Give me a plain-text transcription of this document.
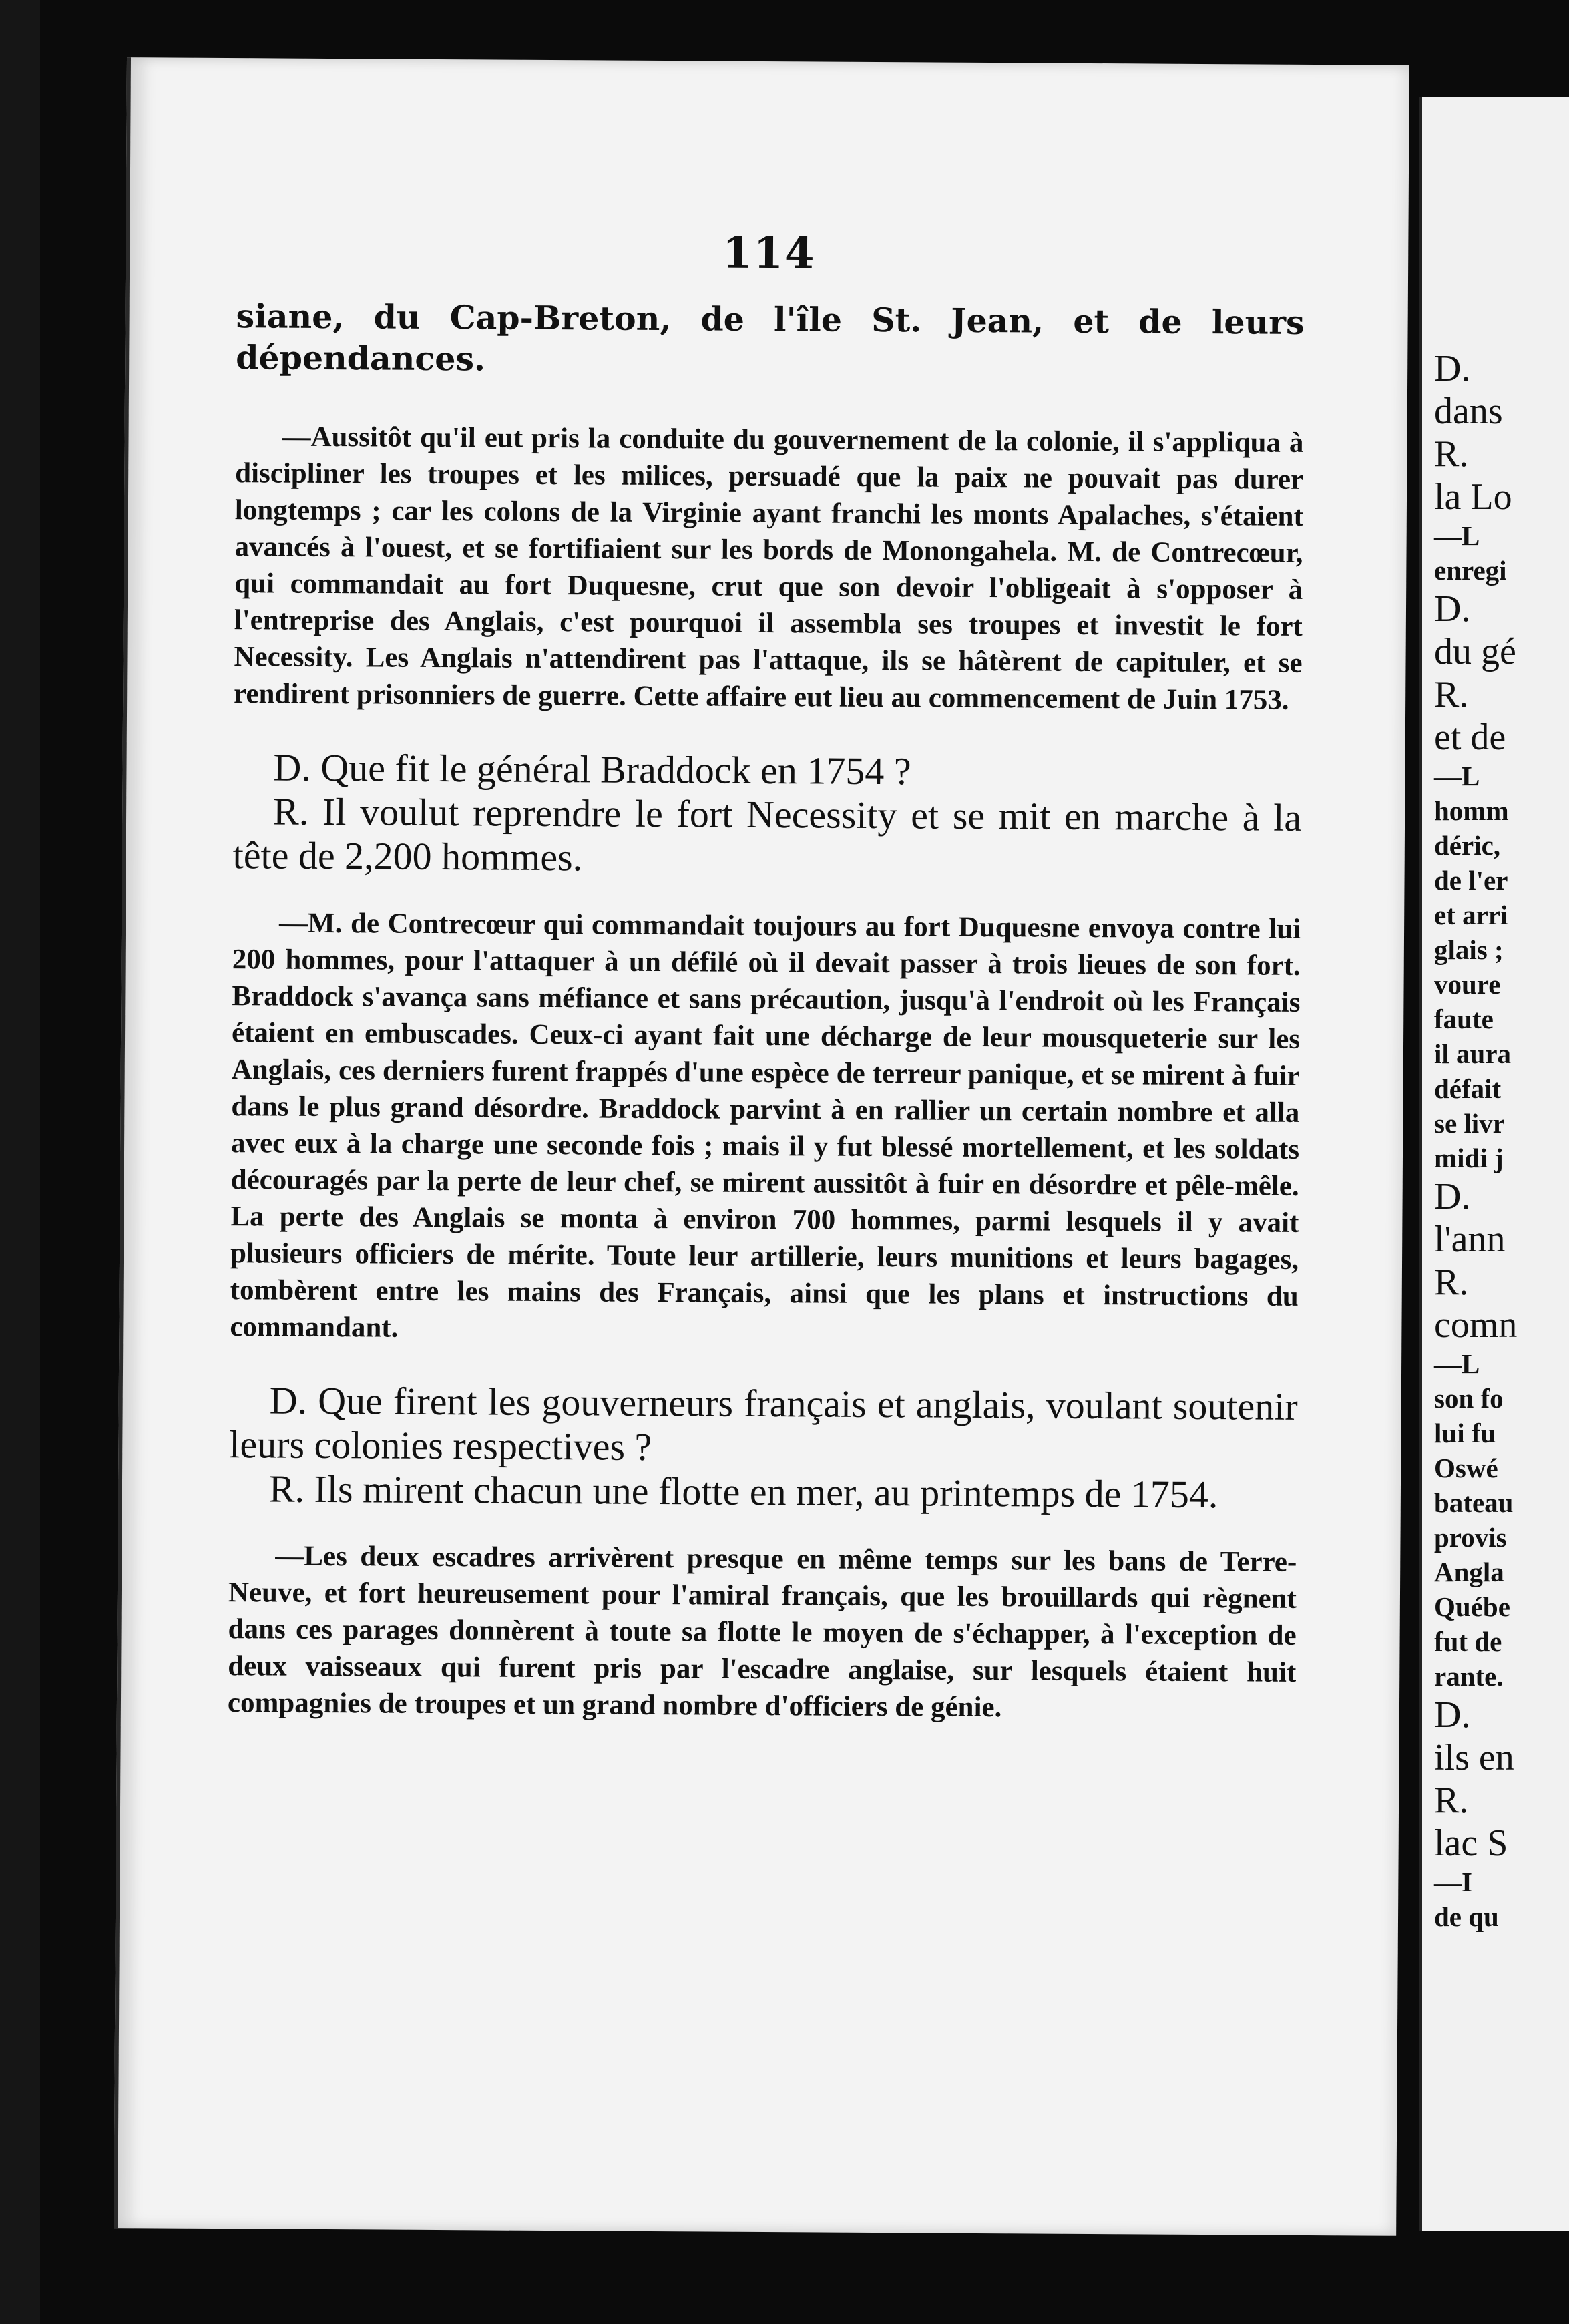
114

siane, du Cap-Breton, de l'île St. Jean, et de leurs dépendances.

—Aussitôt qu'il eut pris la conduite du gouvernement de la colonie, il s'appliqua à discipliner les troupes et les milices, persuadé que la paix ne pouvait pas durer longtemps ; car les colons de la Virginie ayant franchi les monts Apalaches, s'étaient avancés à l'ouest, et se fortifiaient sur les bords de Monongahela. M. de Contrecœur, qui commandait au fort Duquesne, crut que son devoir l'obligeait à s'opposer à l'entreprise des Anglais, c'est pourquoi il assembla ses troupes et investit le fort Necessity. Les Anglais n'attendirent pas l'attaque, ils se hâtèrent de capituler, et se rendirent prisonniers de guerre. Cette affaire eut lieu au commencement de Juin 1753.

D. Que fit le général Braddock en 1754 ?

R. Il voulut reprendre le fort Necessity et se mit en marche à la tête de 2,200 hommes.

—M. de Contrecœur qui commandait toujours au fort Duquesne envoya contre lui 200 hommes, pour l'attaquer à un défilé où il devait passer à trois lieues de son fort. Braddock s'avança sans méfiance et sans précaution, jusqu'à l'endroit où les Français étaient en embuscades. Ceux-ci ayant fait une décharge de leur mousqueterie sur les Anglais, ces derniers furent frappés d'une espèce de terreur panique, et se mirent à fuir dans le plus grand désordre. Braddock parvint à en rallier un certain nombre et alla avec eux à la charge une seconde fois ; mais il y fut blessé mortellement, et les soldats découragés par la perte de leur chef, se mirent aussitôt à fuir en désordre et pêle-mêle. La perte des Anglais se monta à environ 700 hommes, parmi lesquels il y avait plusieurs officiers de mérite. Toute leur artillerie, leurs munitions et leurs bagages, tombèrent entre les mains des Français, ainsi que les plans et instructions du commandant.

D. Que firent les gouverneurs français et anglais, voulant soutenir leurs colonies respectives ?

R. Ils mirent chacun une flotte en mer, au printemps de 1754.

—Les deux escadres arrivèrent presque en même temps sur les bans de Terre-Neuve, et fort heureusement pour l'amiral français, que les brouillards qui règnent dans ces parages donnèrent à toute sa flotte le moyen de s'échapper, à l'exception de deux vaisseaux qui furent pris par l'escadre anglaise, sur lesquels étaient huit compagnies de troupes et un grand nombre d'officiers de génie.

D.
dans
R.
la Lo
—L
enregi
D.
du gé
R.
et de
—L
homm
déric,
de l'er
et arri
glais ;
voure
faute
il aura
défait
se livr
midi j
D.
l'ann
R.
comn
—L
son fo
lui fu
Oswé
bateau
provis
Angla
Québe
fut de
rante.
D.
ils en
R.
lac S
—I
de qu
